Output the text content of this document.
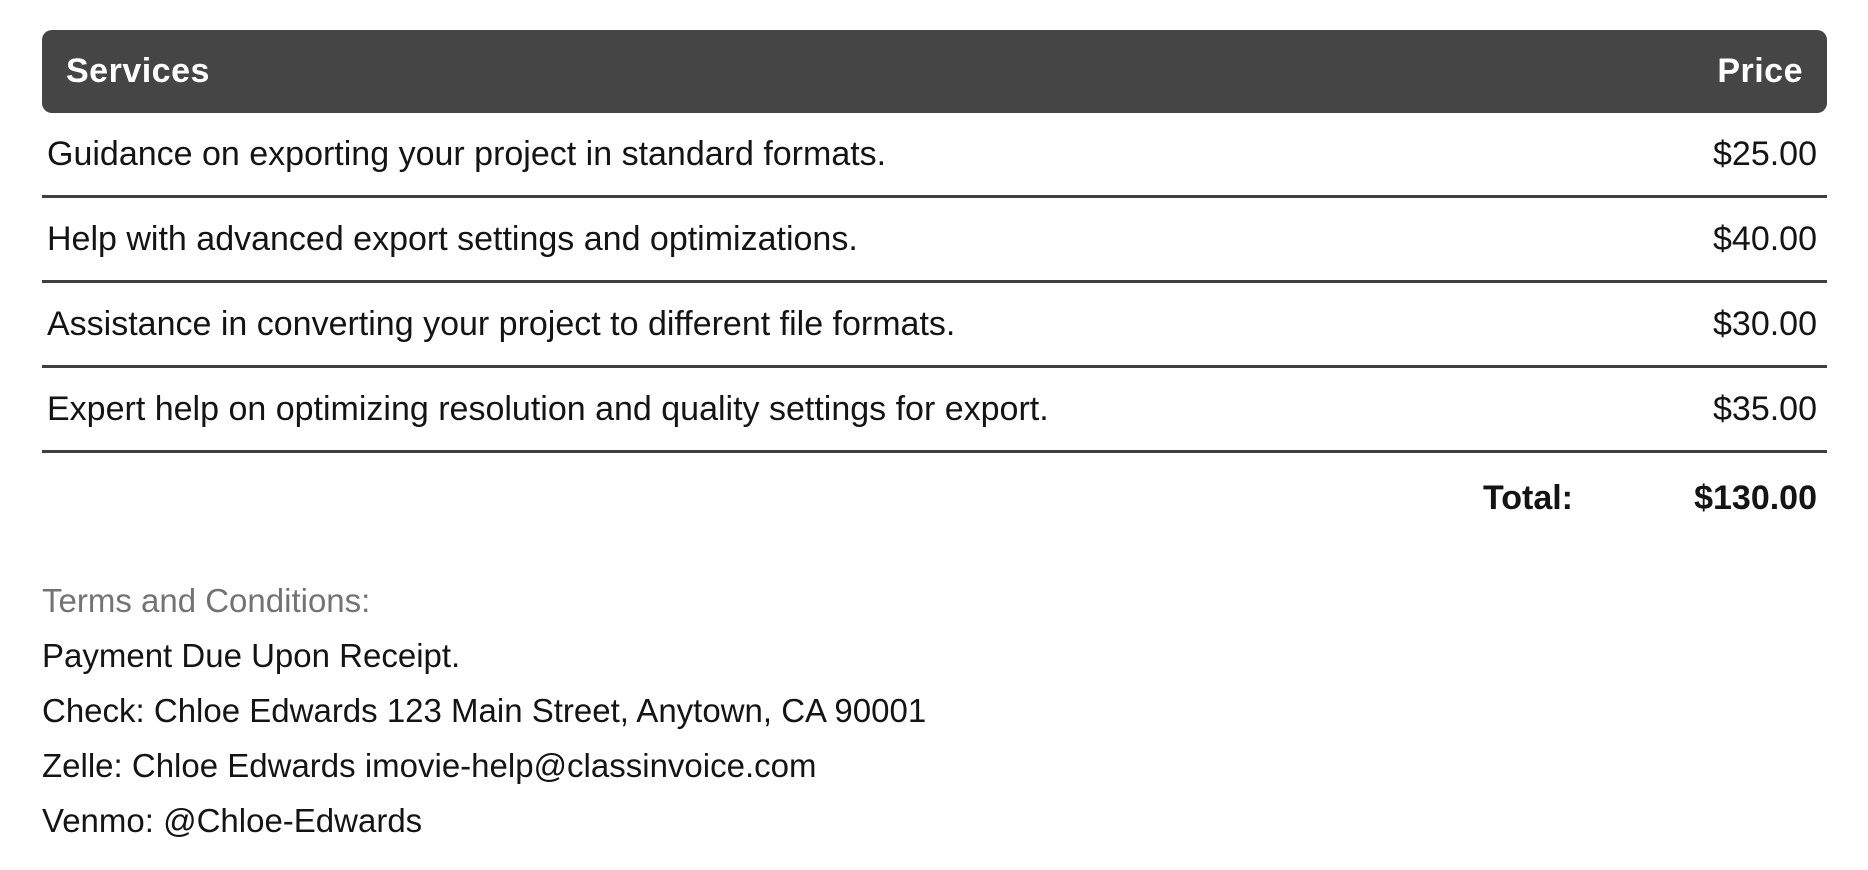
Services	Price
Guidance on exporting your project in standard formats.	$25.00
Help with advanced export settings and optimizations.	$40.00
Assistance in converting your project to different file formats.	$30.00
Expert help on optimizing resolution and quality settings for export.	$35.00
Total:	$130.00
Terms and Conditions:
Payment Due Upon Receipt.
Check: Chloe Edwards 123 Main Street, Anytown, CA 90001
Zelle: Chloe Edwards imovie-help@classinvoice.com
Venmo: @Chloe-Edwards
